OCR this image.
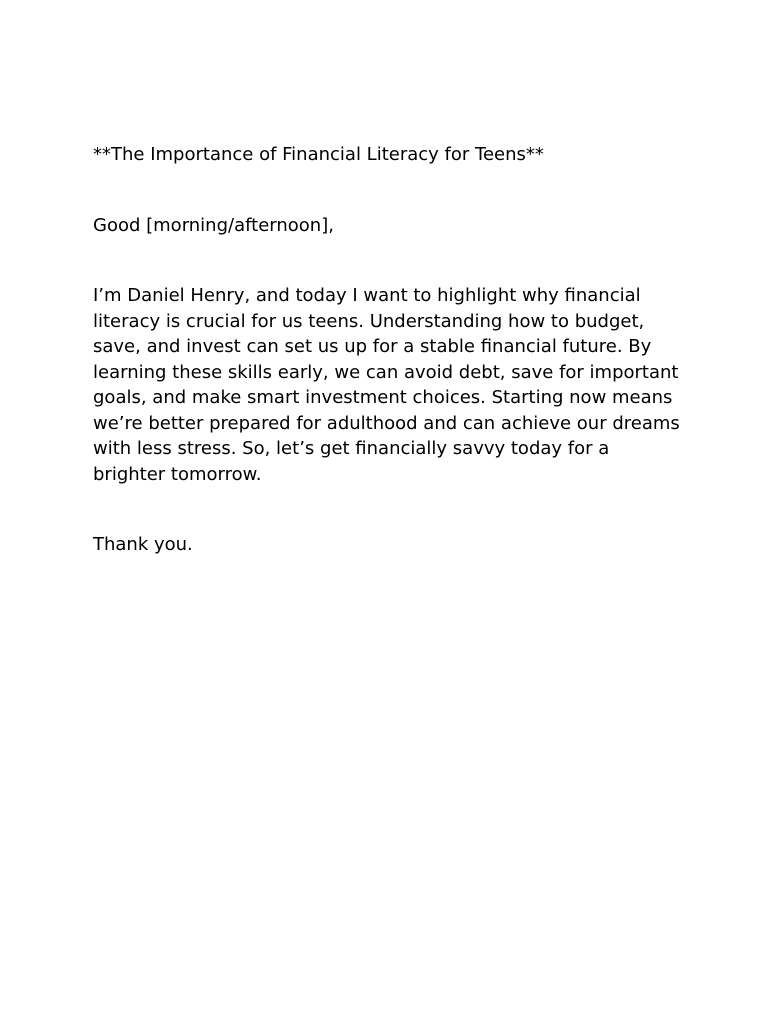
**The Importance of Financial Literacy for Teens**

Good [morning/afternoon],

I’m Daniel Henry, and today I want to highlight why financial literacy is crucial for us teens. Understanding how to budget, save, and invest can set us up for a stable financial future. By learning these skills early, we can avoid debt, save for important goals, and make smart investment choices. Starting now means we’re better prepared for adulthood and can achieve our dreams with less stress. So, let’s get financially savvy today for a brighter tomorrow.

Thank you.
